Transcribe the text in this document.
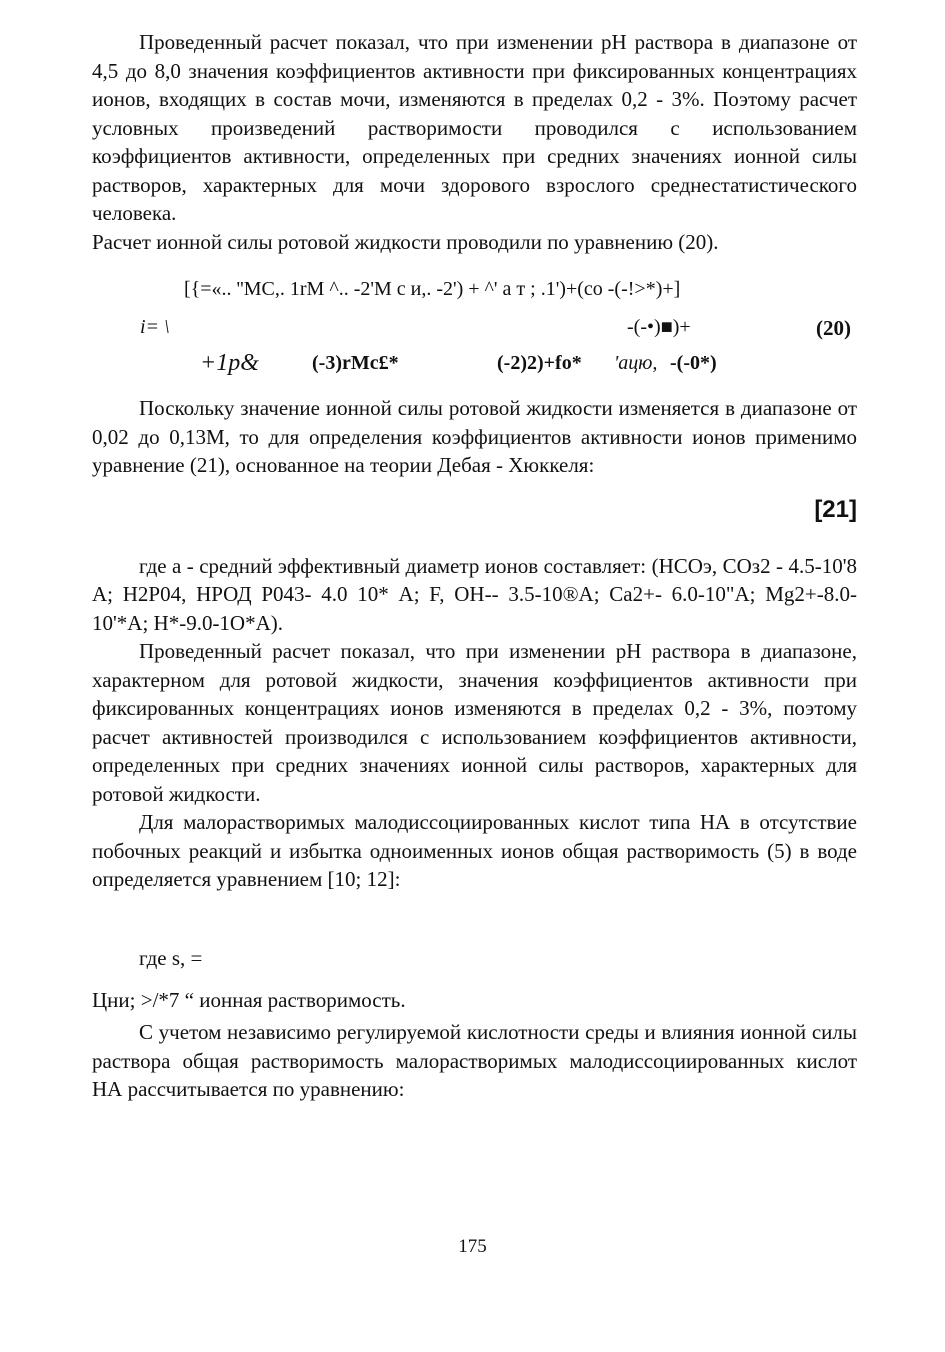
Проведенный расчет показал, что при изменении pH раствора в диапазоне от 4,5 до 8,0 значения коэффициентов активности при фиксированных концентрациях ионов, входящих в состав мочи, изменяются в пределах 0,2 - 3%. Поэтому расчет условных произведений растворимости проводился с использованием коэффициентов активности, определенных при средних значениях ионной силы растворов, характерных для мочи здорового взрослого среднестатистического человека.

Расчет ионной силы ротовой жидкости проводили по уравнению (20).

[{=«.. ''MC,. 1rM ^.. -2'M c и,. -2') + ^' а т ; .1')+(co -(-!>*)+]
i= \	-(-•)■)+	(20)
+1p&	(-3)rMc£*	(-2)2)+fo* 'ацю, -(-0*)

Поскольку значение ионной силы ротовой жидкости изменяется в диапазоне от 0,02 до 0,13М, то для определения коэффициентов активности ионов применимо уравнение (21), основанное на теории Дебая - Хюккеля:

[21]

где а - средний эффективный диаметр ионов составляет: (НСОэ, СОз2 - 4.5-10'8 А; Н2Р04, НРОД Р043- 4.0 10* А; F, ОН-- 3.5-10®А; Са2+- 6.0-10"А; Mg2+-8.0-10'*А; Н*-9.0-1О*А).

Проведенный расчет показал, что при изменении pH раствора в диапазоне, характерном для ротовой жидкости, значения коэффициентов активности при фиксированных концентрациях ионов изменяются в пределах 0,2 - 3%, поэтому расчет активностей производился с использованием коэффициентов активности, определенных при средних значениях ионной силы растворов, характерных для ротовой жидкости.

Для малорастворимых малодиссоциированных кислот типа НА в отсутствие побочных реакций и избытка одноименных ионов общая растворимость (5) в воде определяется уравнением [10; 12]:

где s, =

Цни; >/*7 “ ионная растворимость.

С учетом независимо регулируемой кислотности среды и влияния ионной силы раствора общая растворимость малорастворимых малодиссоциированных кислот НА рассчитывается по уравнению:

175
